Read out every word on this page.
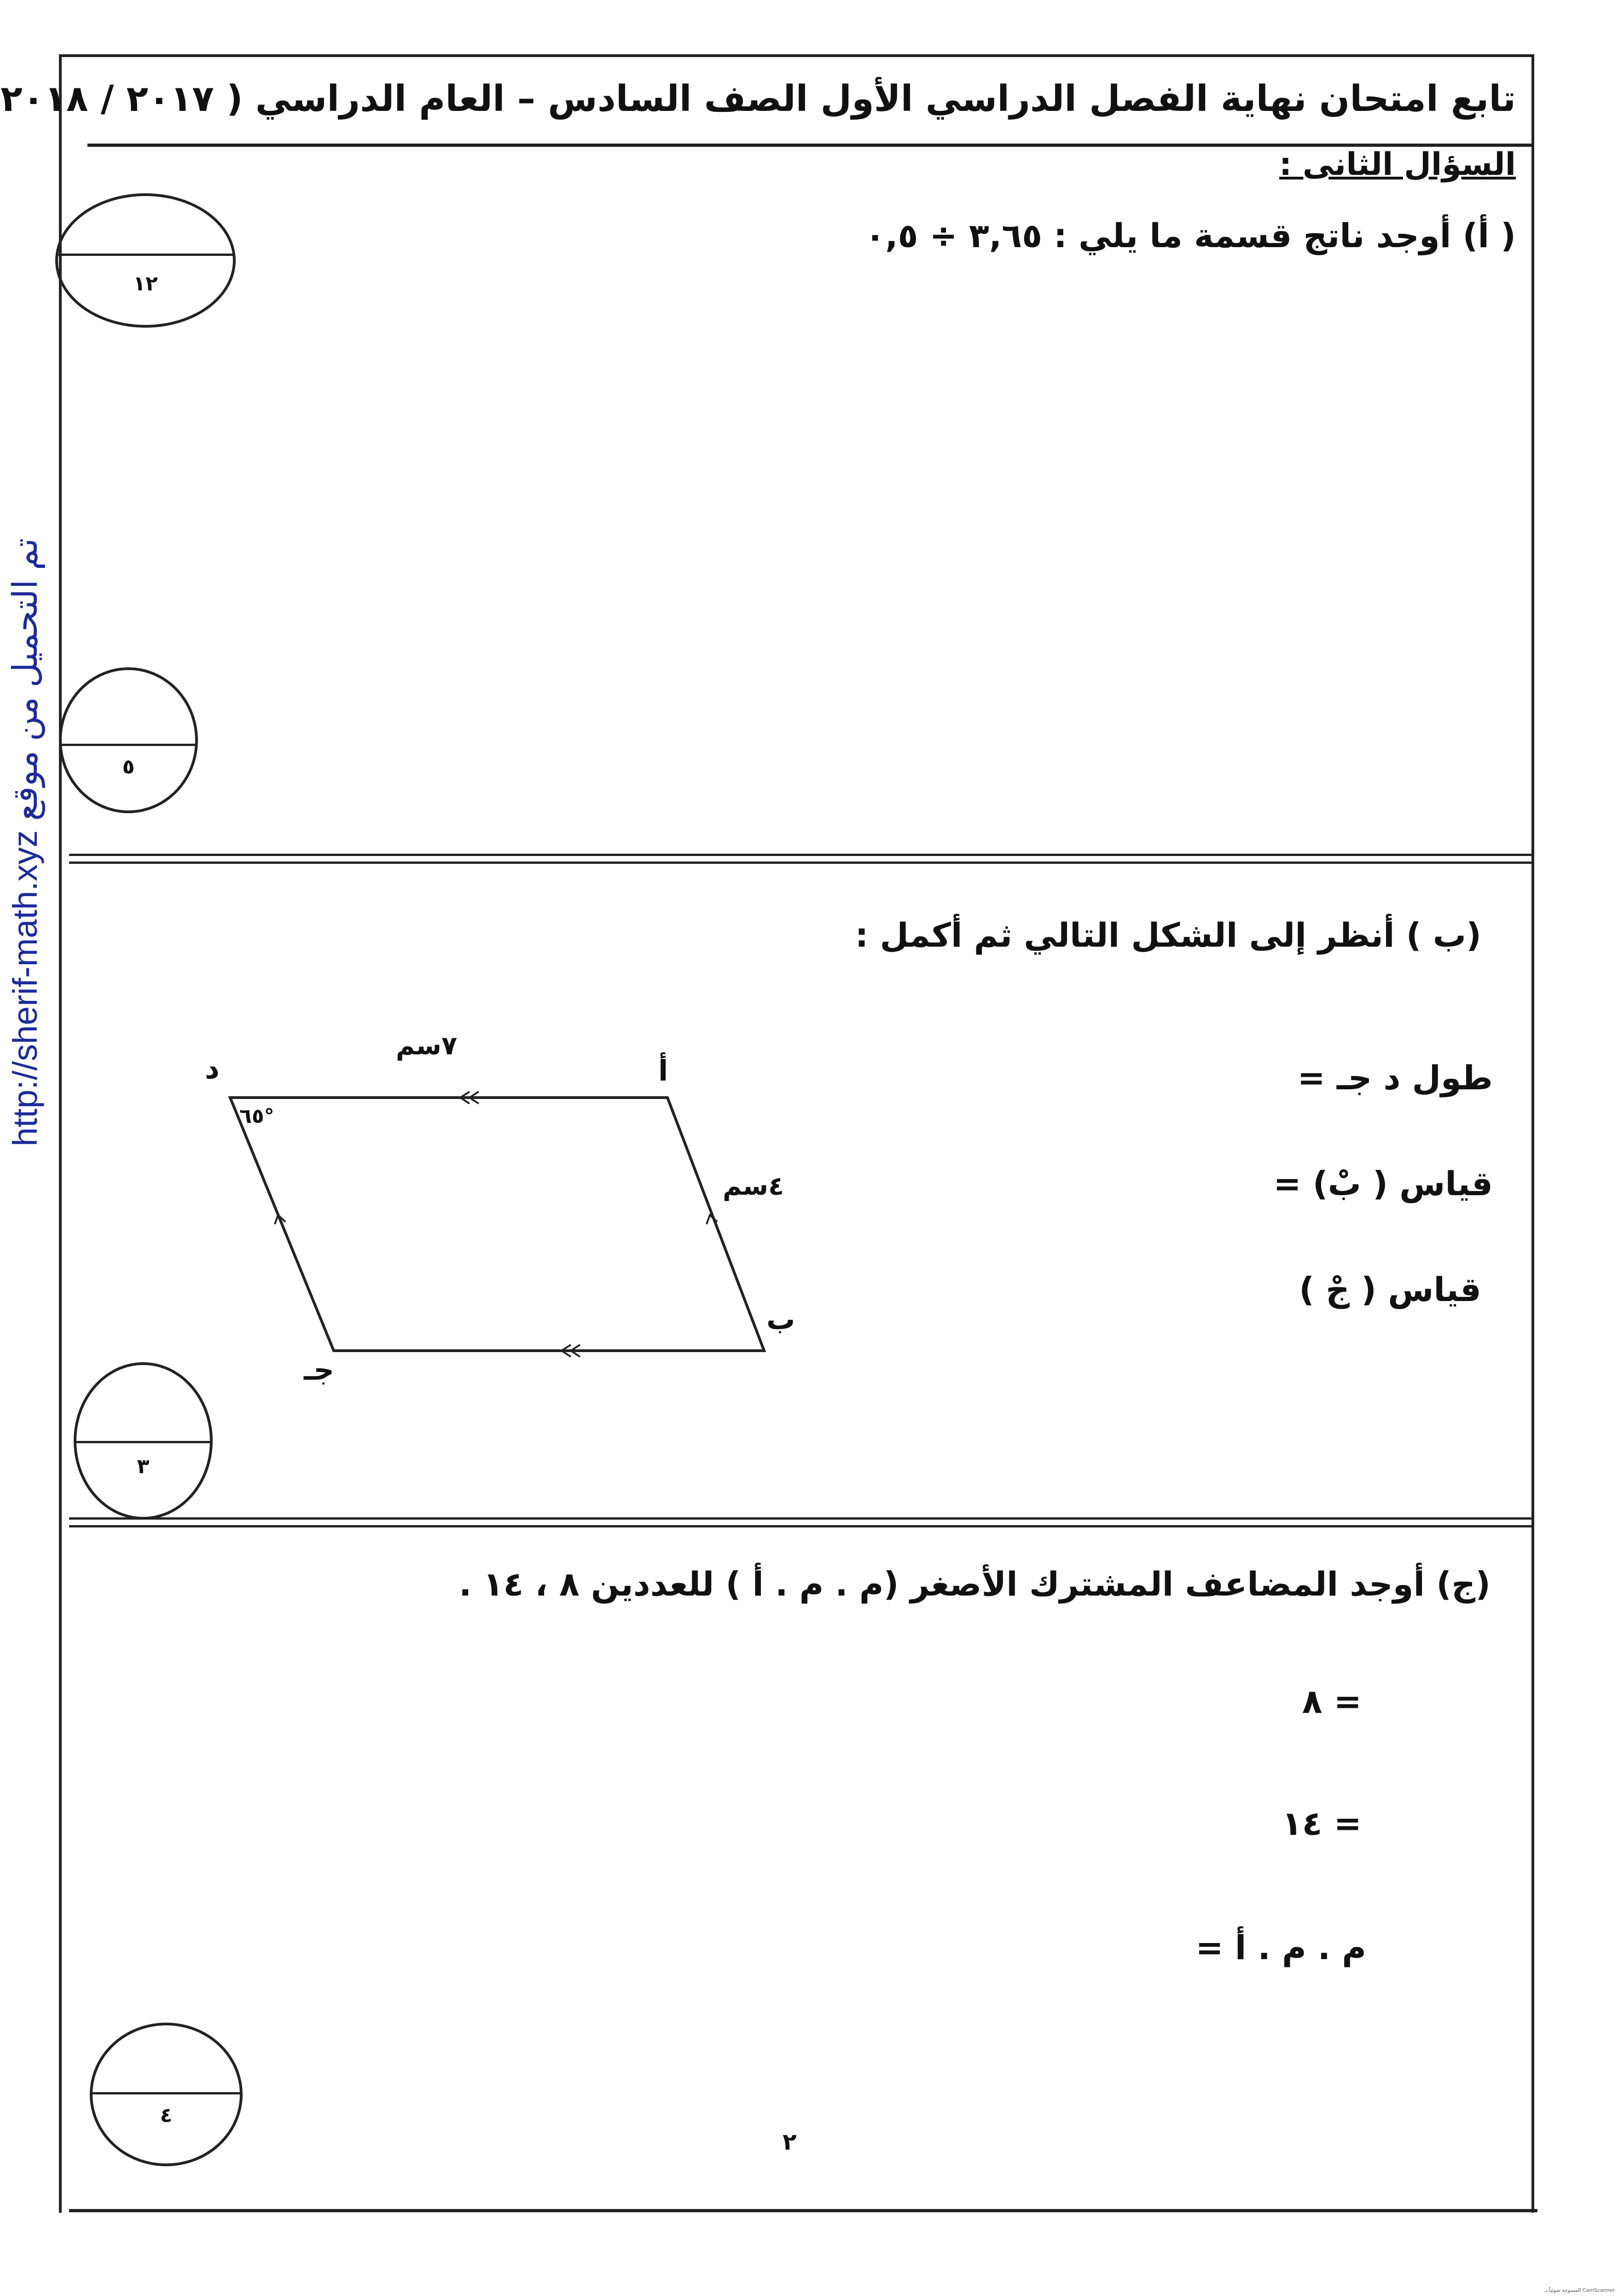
تابع امتحان نهاية الفصل الدراسي الأول الصف السادس – العام الدراسي ( ٢٠١٧ / ٢٠١٨
السؤال الثانى :
( أ) أوجد ناتج قسمة ما يلي : ٣,٦٥ ÷ ٠,٥
١٢
٥
(ب ) أنظر إلى الشكل التالي ثم أكمل :
طول د جـ =
قياس ( بْ) =
قياس ( جْ )
أ
ب
جـ
د
٧سم
٤سم
٦٥°
٣
(ج) أوجد المضاعف المشترك الأصغر (م . م . أ ) للعددين ٨ ، ١٤ .
٨ =
١٤ =
م . م . أ =
٤
٢
http://sherif-math.xyz تم التحميل من موقع
المسوحة ضوئياً بـ CamScanner
